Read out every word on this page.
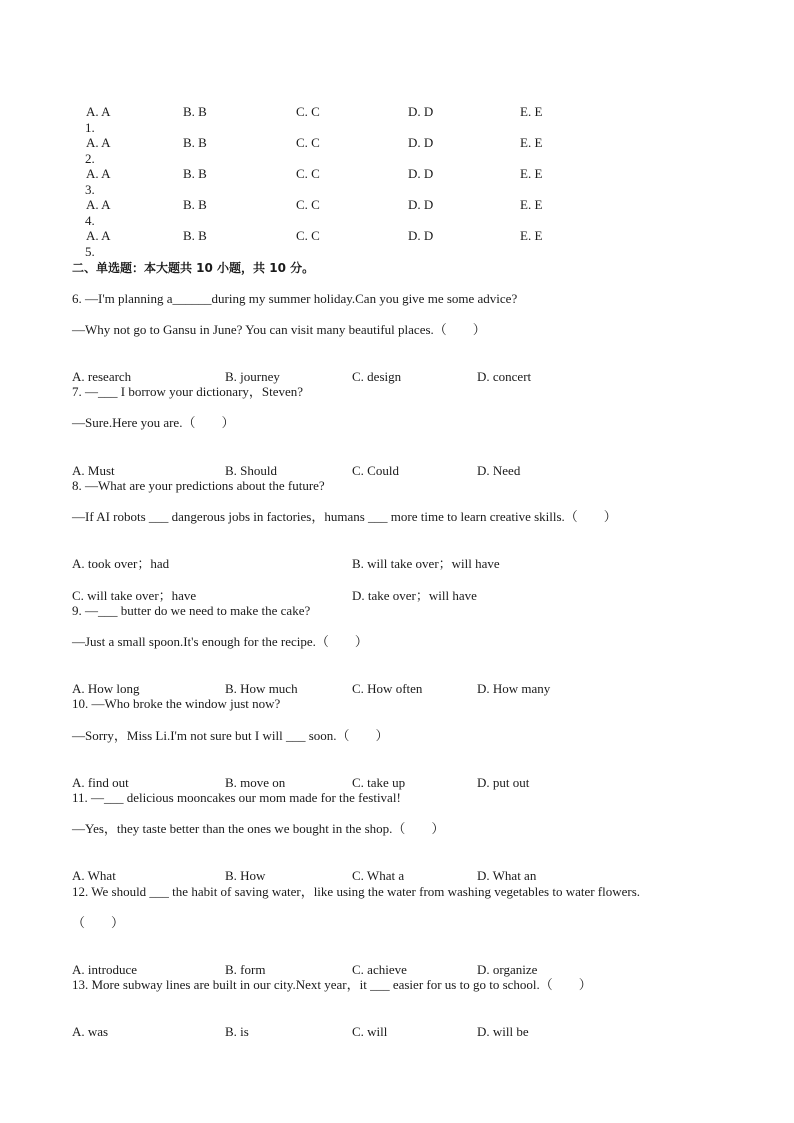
1.
A. A	B. B	C. C	D. D	E. E

2.
A. A	B. B	C. C	D. D	E. E

3.
A. A	B. B	C. C	D. D	E. E

4.
A. A	B. B	C. C	D. D	E. E

5.
A. A	B. B	C. C	D. D	E. E

二、单选题：本大题共 10 小题，共 10 分。
6. —I'm planning a______during my summer holiday.Can you give me some advice?
—Why not go to Gansu in June? You can visit many beautiful places.（        ）

A. research	B. journey	C. design	D. concert

7. —___ I borrow your dictionary，Steven?
—Sure.Here you are.（        ）

A. Must	B. Should	C. Could	D. Need

8. —What are your predictions about the future?
—If AI robots ___ dangerous jobs in factories，humans ___ more time to learn creative skills.（        ）

A. took over；had	B. will take over；will have

C. will take over；have	D. take over；will have

9. —___ butter do we need to make the cake?
—Just a small spoon.It's enough for the recipe.（        ）

A. How long	B. How much	C. How often	D. How many

10. —Who broke the window just now?
—Sorry，Miss Li.I'm not sure but I will ___ soon.（        ）

A. find out	B. move on	C. take up	D. put out

11. —___ delicious mooncakes our mom made for the festival!
—Yes，they taste better than the ones we bought in the shop.（        ）

A. What	B. How	C. What a	D. What an

12. We should ___ the habit of saving water，like using the water from washing vegetables to water flowers.
（        ）

A. introduce	B. form	C. achieve	D. organize

13. More subway lines are built in our city.Next year，it ___ easier for us to go to school.（        ）

A. was	B. is	C. will	D. will be
